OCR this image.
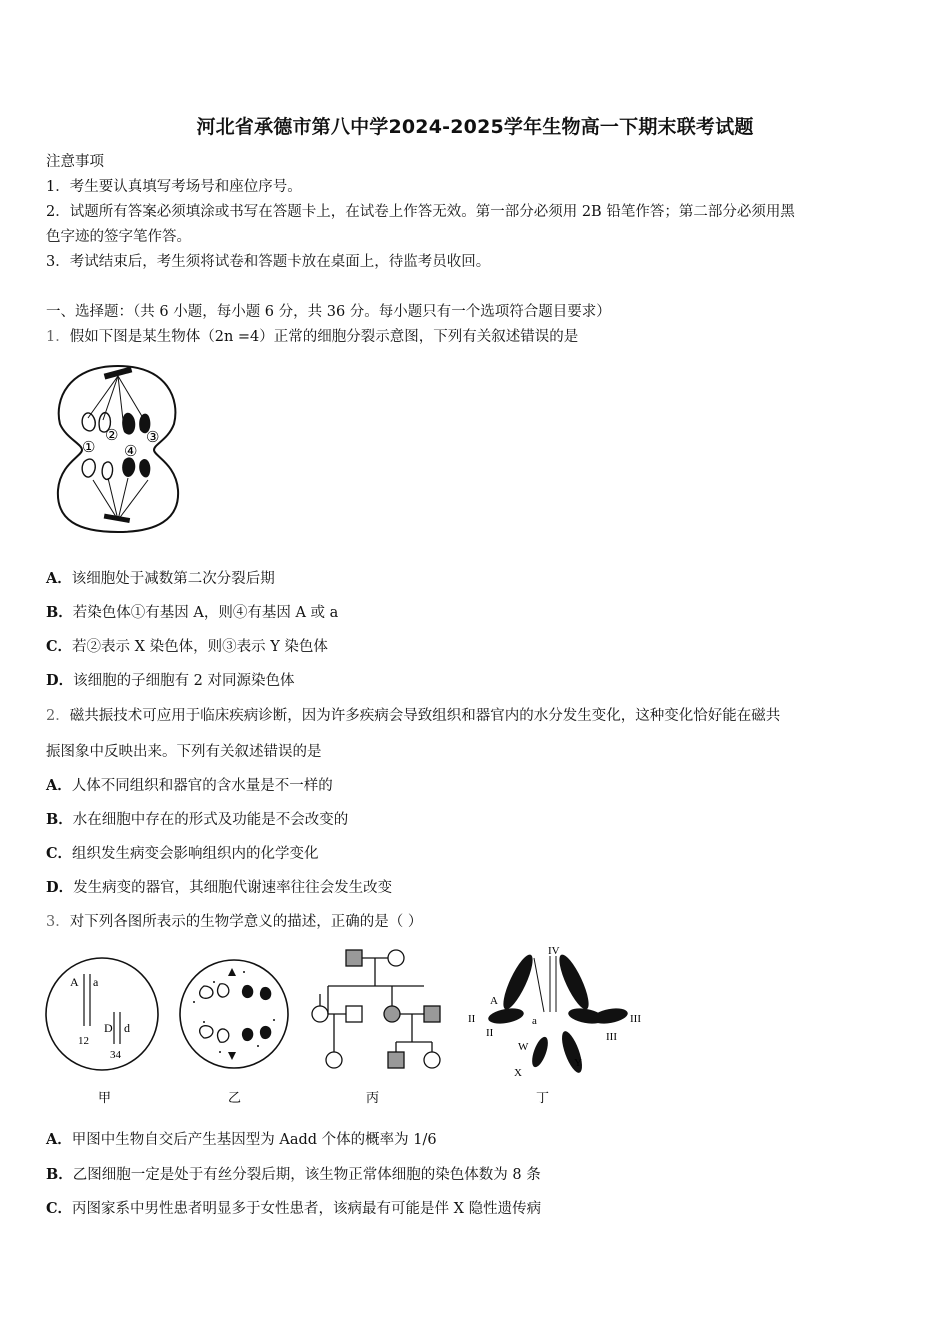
河北省承德市第八中学2024-2025学年生物高一下期末联考试题
注意事项
1．考生要认真填写考场号和座位序号。
2．试题所有答案必须填涂或书写在答题卡上，在试卷上作答无效。第一部分必须用 2B 铅笔作答；第二部分必须用黑
色字迹的签字笔作答。
3．考试结束后，考生须将试卷和答题卡放在桌面上，待监考员收回。
一、选择题：（共 6 小题，每小题 6 分，共 36 分。每小题只有一个选项符合题目要求）
1．假如下图是某生物体（2n =4）正常的细胞分裂示意图，下列有关叙述错误的是
①
② ③
④
A．该细胞处于减数第二次分裂后期
B．若染色体①有基因 A，则④有基因 A 或 a
C．若②表示 X 染色体，则③表示 Y 染色体
D．该细胞的子细胞有 2 对同源染色体
2．磁共振技术可应用于临床疾病诊断，因为许多疾病会导致组织和器官内的水分发生变化，这种变化恰好能在磁共
振图象中反映出来。下列有关叙述错误的是
A．人体不同组织和器官的含水量是不一样的
B．水在细胞中存在的形式及功能是不会改变的
C．组织发生病变会影响组织内的化学变化
D．发生病变的器官，其细胞代谢速率往往会发生改变
3．对下列各图所表示的生物学意义的描述，正确的是（ ）
A a
12
D d
34
IV
A
a
II
II
III
III
W
X
Y
甲	乙	丙	丁
A．甲图中生物自交后产生基因型为 Aadd 个体的概率为 1/6
B．乙图细胞一定是处于有丝分裂后期，该生物正常体细胞的染色体数为 8 条
C．丙图家系中男性患者明显多于女性患者，该病最有可能是伴 X 隐性遗传病
